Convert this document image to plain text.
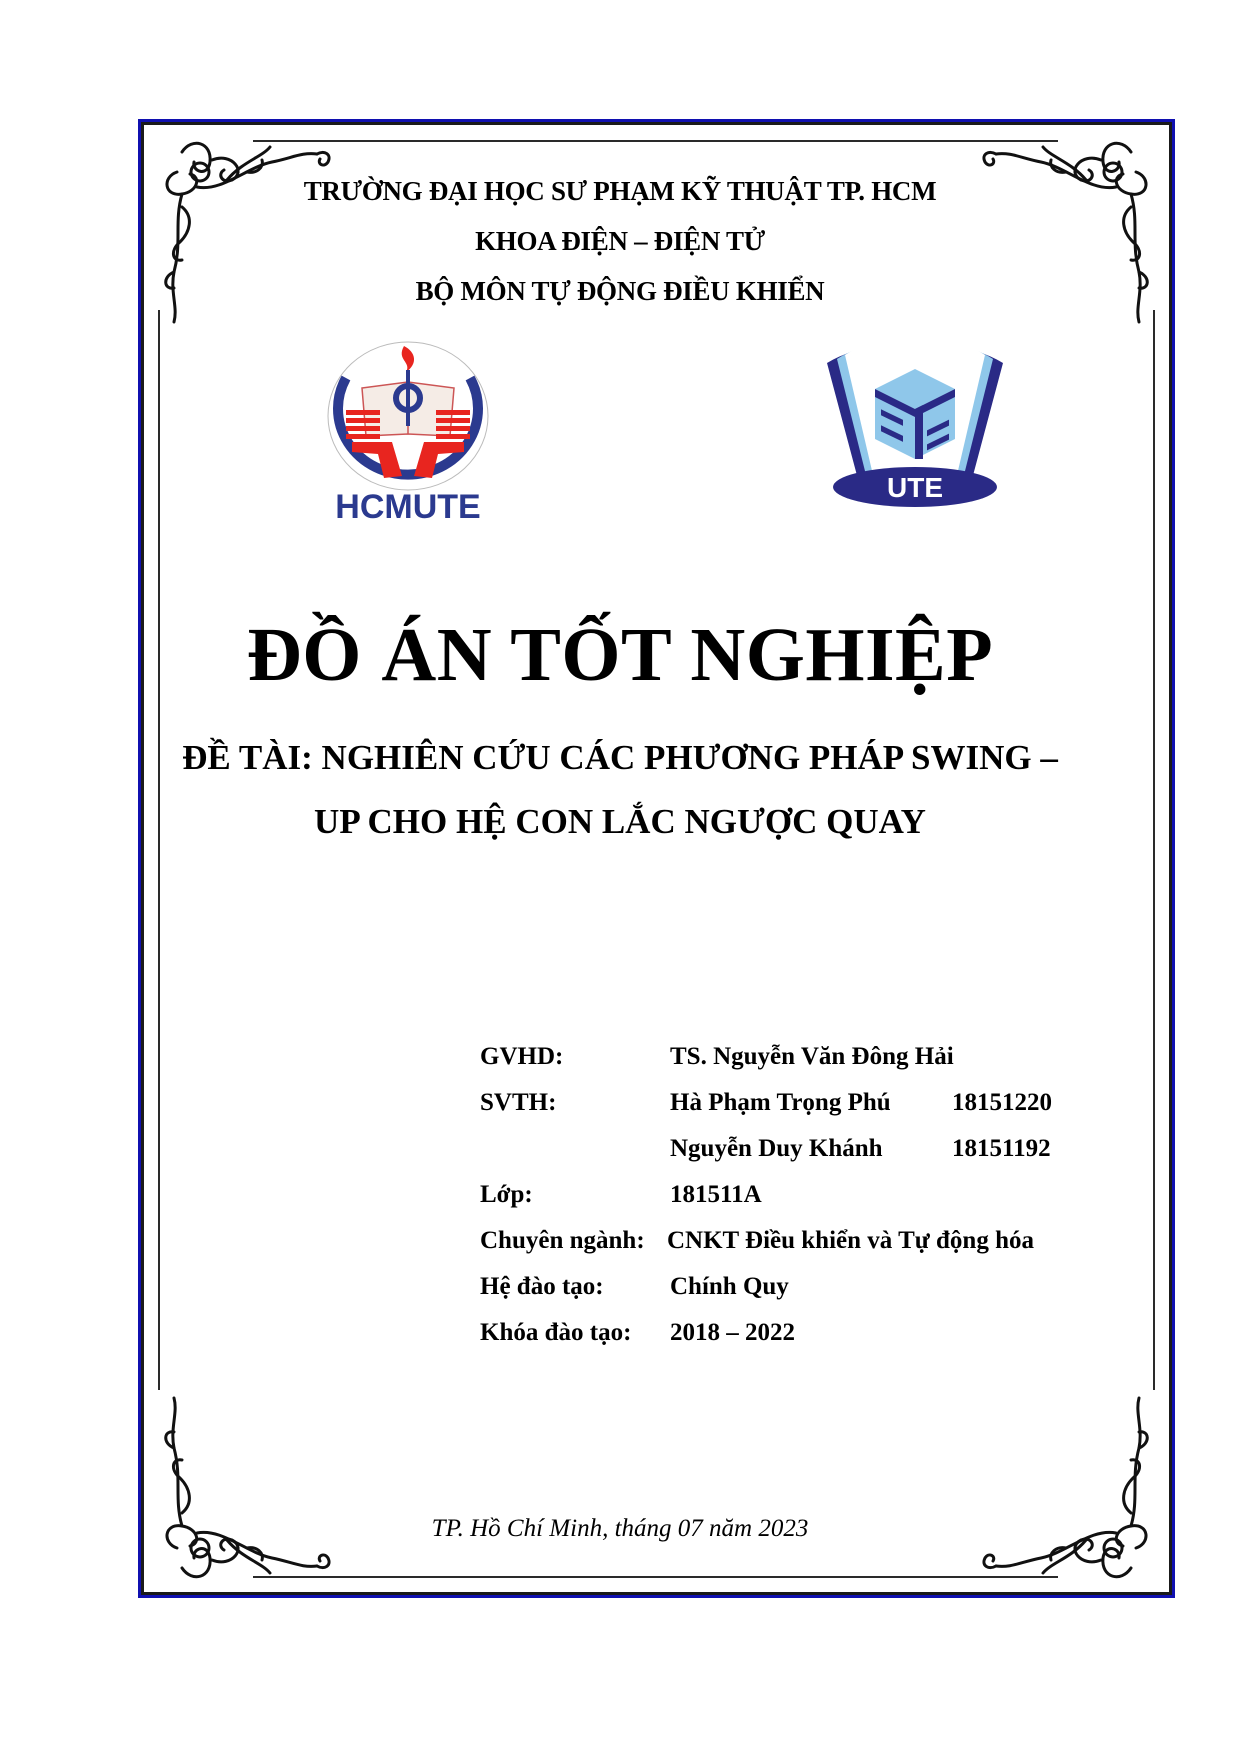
TRƯỜNG ĐẠI HỌC SƯ PHẠM KỸ THUẬT TP. HCM
KHOA ĐIỆN – ĐIỆN TỬ
BỘ MÔN TỰ ĐỘNG ĐIỀU KHIỂN
HCMUTE
UTE
ĐỒ ÁN TỐT NGHIỆP
ĐỀ TÀI: NGHIÊN CỨU CÁC PHƯƠNG PHÁP SWING –
UP CHO HỆ CON LẮC NGƯỢC QUAY
GVHD:	TS. Nguyễn Văn Đông Hải
SVTH:	Hà Phạm Trọng Phú 18151220
Nguyễn Duy Khánh	18151192
Lớp:	181511A
Chuyên ngành: CNKT Điều khiển và Tự động hóa
Hệ đào tạo:	Chính Quy
Khóa đào tạo: 2018 – 2022
TP. Hồ Chí Minh, tháng 07 năm 2023
